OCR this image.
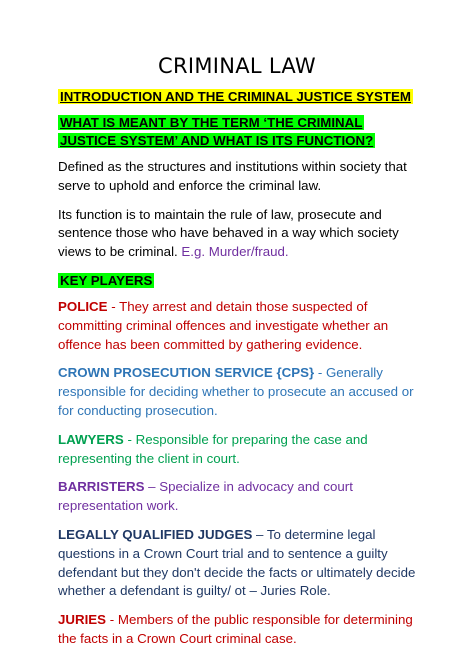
CRIMINAL LAW
INTRODUCTION AND THE CRIMINAL JUSTICE SYSTEM
WHAT IS MEANT BY THE TERM ‘THE CRIMINAL JUSTICE SYSTEM’ AND WHAT IS ITS FUNCTION?

Defined as the structures and institutions within society that serve to uphold and enforce the criminal law.

Its function is to maintain the rule of law, prosecute and sentence those who have behaved in a way which society views to be criminal. E.g. Murder/fraud.

KEY PLAYERS

POLICE - They arrest and detain those suspected of committing criminal offences and investigate whether an offence has been committed by gathering evidence.

CROWN PROSECUTION SERVICE {CPS} - Generally responsible for deciding whether to prosecute an accused or for conducting prosecution.

LAWYERS - Responsible for preparing the case and representing the client in court.

BARRISTERS – Specialize in advocacy and court representation work.

LEGALLY QUALIFIED JUDGES – To determine legal questions in a Crown Court trial and to sentence a guilty defendant but they don't decide the facts or ultimately decide whether a defendant is guilty/ ot – Juries Role.

JURIES - Members of the public responsible for determining the facts in a Crown Court criminal case.
